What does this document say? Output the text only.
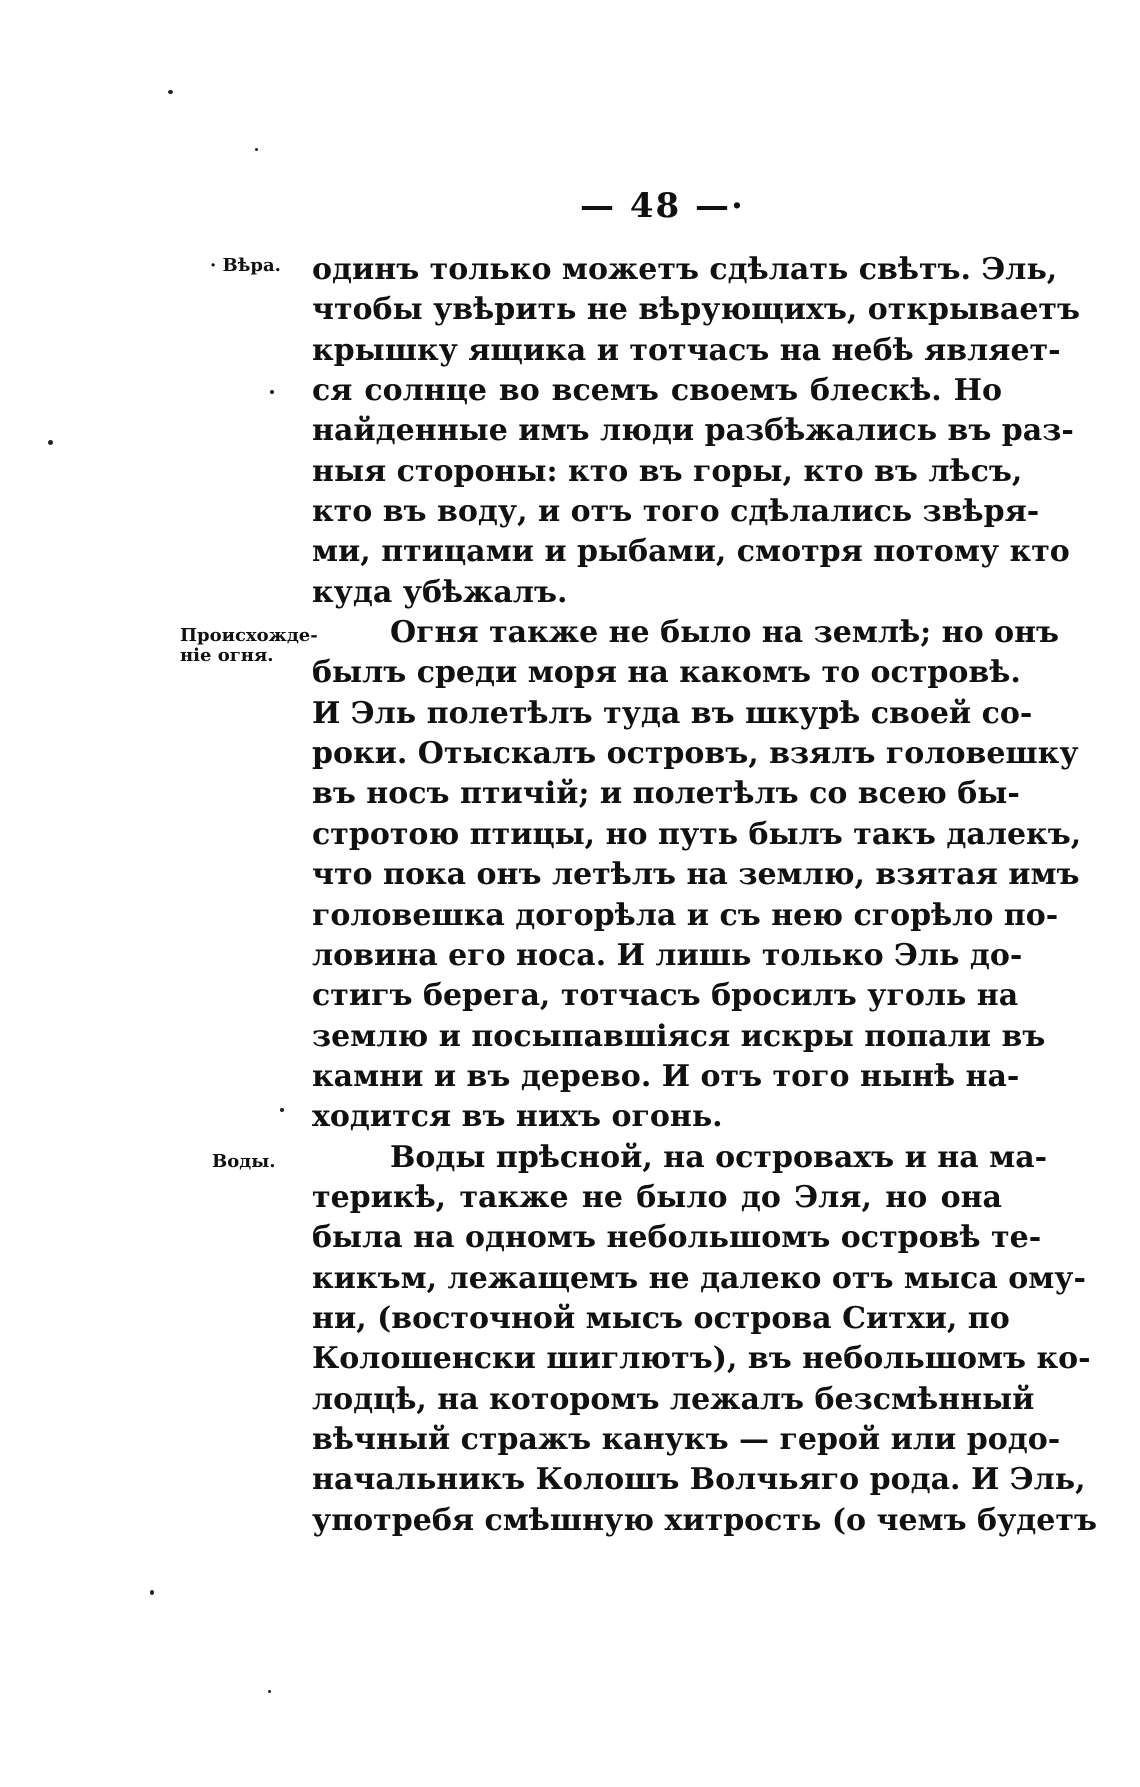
— 48 —·
· Вѣра.
Происхожде-
ніе огня.
Воды.
одинъ только можетъ сдѣлать свѣтъ. Эль,
чтобы увѣрить не вѣрующихъ, открываетъ
крышку ящика и тотчасъ на небѣ являет-
ся солнце во всемъ своемъ блескѣ. Но
найденные имъ люди разбѣжались въ раз-
ныя стороны: кто въ горы, кто въ лѣсъ,
кто въ воду, и отъ того сдѣлались звѣря-
ми, птицами и рыбами, смотря потому кто
куда убѣжалъ.
Огня также не было на землѣ; но онъ
былъ среди моря на какомъ то островѣ.
И Эль полетѣлъ туда въ шкурѣ своей со-
роки. Отыскалъ островъ, взялъ головешку
въ носъ птичій; и полетѣлъ со всею бы-
стротою птицы, но путь былъ такъ далекъ,
что пока онъ летѣлъ на землю, взятая имъ
головешка догорѣла и съ нею сгорѣло по-
ловина его носа. И лишь только Эль до-
стигъ берега, тотчасъ бросилъ уголь на
землю и посыпавшіяся искры попали въ
камни и въ дерево. И отъ того нынѣ на-
ходится въ нихъ огонь.
Воды прѣсной, на островахъ и на ма-
терикѣ, также не было до Эля, но она
была на одномъ небольшомъ островѣ те-
кикъм, лежащемъ не далеко отъ мыса ому-
ни, (восточной мысъ острова Ситхи, по
Колошенски шиглютъ), въ небольшомъ ко-
лодцѣ, на которомъ лежалъ безсмѣнный
вѣчный стражъ канукъ — герой или родо-
начальникъ Колошъ Волчьяго рода. И Эль,
употребя смѣшную хитрость (о чемъ будетъ
